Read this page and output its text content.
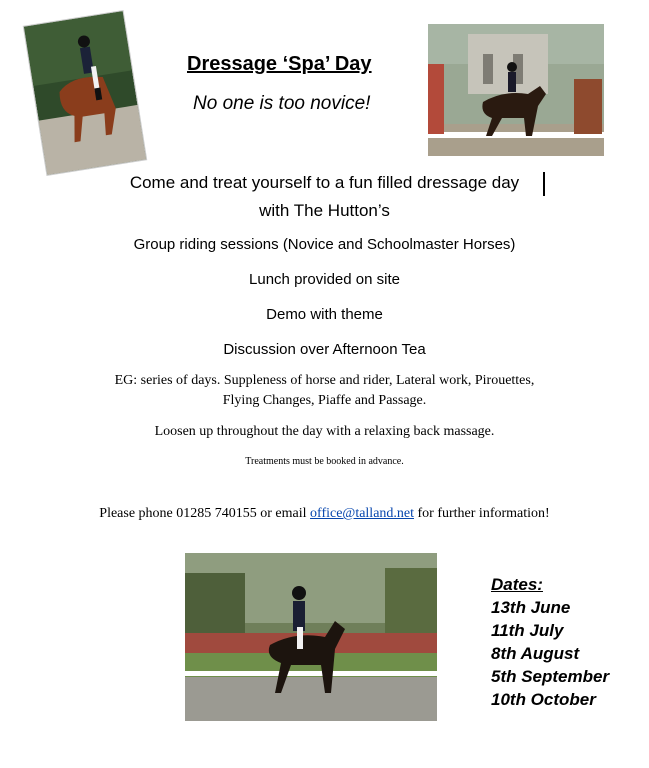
Dressage ‘Spa’ Day
No one is too novice!
Come and treat yourself to a fun filled dressage day
with The Hutton’s
Group riding sessions (Novice and Schoolmaster Horses)
Lunch provided on site
Demo with theme
Discussion over Afternoon Tea
EG: series of days. Suppleness of horse and rider, Lateral work, Pirouettes,
Flying Changes, Piaffe and Passage.
Loosen up throughout the day with a relaxing back massage.
Treatments must be booked in advance.
Please phone 01285 740155 or email office@talland.net for further information!
Dates:
13th June
11th July
8th August
5th September
10th October
